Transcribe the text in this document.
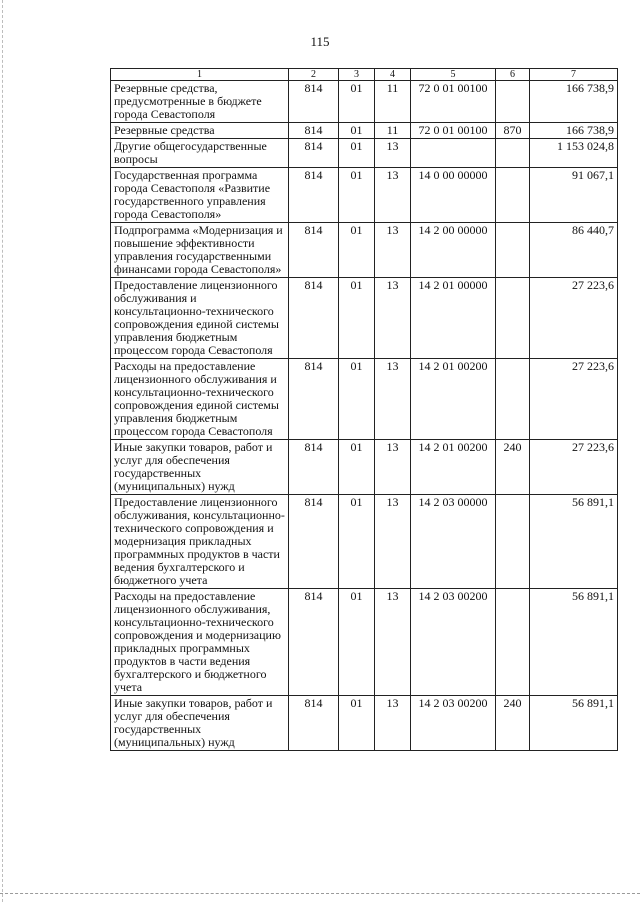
115
1	2	3	4	5	6	7
Резервные средства, предусмотренные в бюджете города Севастополя	814	01	11	72 0 01 00100		166 738,9
Резервные средства	814	01	11	72 0 01 00100	870	166 738,9
Другие общегосударственные вопросы	814	01	13			1 153 024,8
Государственная программа города Севастополя «Развитие государственного управления города Севастополя»	814	01	13	14 0 00 00000		91 067,1
Подпрограмма «Модернизация и повышение эффективности управления государственными финансами города Севастополя»	814	01	13	14 2 00 00000		86 440,7
Предоставление лицензионного обслуживания и консультационно-технического сопровождения единой системы управления бюджетным процессом города Севастополя	814	01	13	14 2 01 00000		27 223,6
Расходы на предоставление лицензионного обслуживания и консультационно-технического сопровождения единой системы управления бюджетным процессом города Севастополя	814	01	13	14 2 01 00200		27 223,6
Иные закупки товаров, работ и услуг для обеспечения государственных (муниципальных) нужд	814	01	13	14 2 01 00200	240	27 223,6
Предоставление лицензионного обслуживания, консультационно-технического сопровождения и модернизация прикладных программных продуктов в части ведения бухгалтерского и бюджетного учета	814	01	13	14 2 03 00000		56 891,1
Расходы на предоставление лицензионного обслуживания, консультационно-технического сопровождения и модернизацию прикладных программных продуктов в части ведения бухгалтерского и бюджетного учета	814	01	13	14 2 03 00200		56 891,1
Иные закупки товаров, работ и услуг для обеспечения государственных (муниципальных) нужд	814	01	13	14 2 03 00200	240	56 891,1
